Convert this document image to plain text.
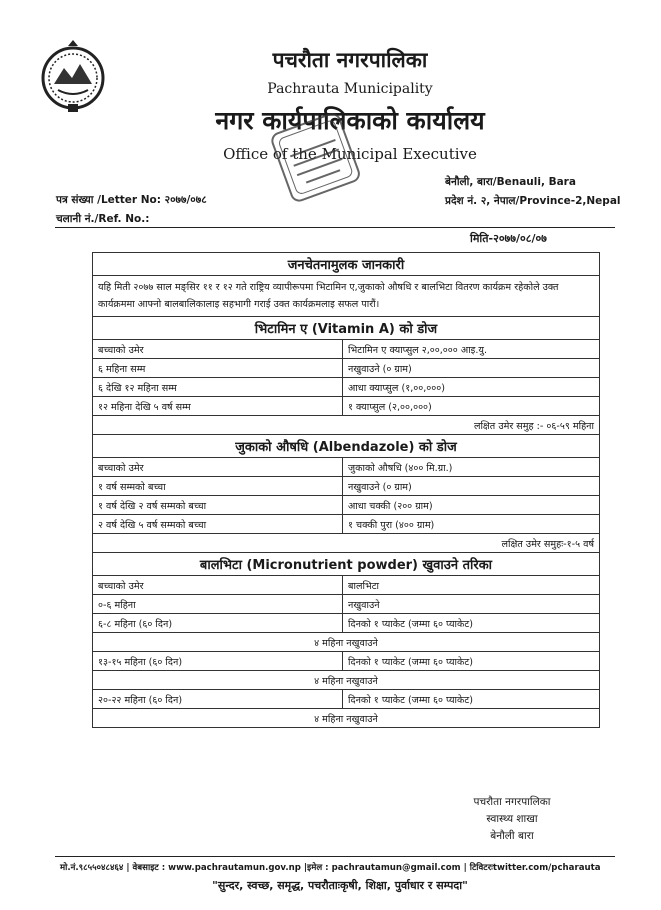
पचरौता नगरपालिका
Pachrauta Municipality
नगर कार्यपालिकाको कार्यालय
Office of the Municipal Executive
पत्र संख्या /Letter No: २०७७/०७८
चलानी नं./Ref. No.:
बेनौली, बारा/Benauli, Bara
प्रदेश नं. २, नेपाल/Province-2,Nepal
मिति-२०७७/०८/०७
जनचेतनामुलक जानकारी	
यहि मिती २०७७ साल मङ्सिर ११ र १२ गते राष्ट्रिय व्यापीरूपमा भिटामिन ए,जुकाको औषधि र बालभिटा वितरण कार्यक्रम रहेकोले उक्त कार्यक्रममा आफ्नो बालबालिकालाइ सहभागी गराई उक्त कार्यक्रमलाइ सफल पारौं।	
भिटामिन ए (Vitamin A) को डोज	
बच्चाको उमेर	भिटामिन ए क्याप्सुल २,००,००० आइ.यु.
६ महिना सम्म	नखुवाउने (० ग्राम)
६ देखि १२ महिना सम्म	आधा क्याप्सुल (१,००,०००)
१२ महिना देखि ५ वर्ष सम्म	१ क्याप्सुल (२,००,०००)
लक्षित उमेर समुह :- ०६-५९ महिना	
जुकाको औषधि (Albendazole) को डोज	
बच्चाको उमेर	जुकाको औषधि (४०० मि.ग्रा.)
१ वर्ष सम्मको बच्चा	नखुवाउने (० ग्राम)
१ वर्ष देखि २ वर्ष सम्मको बच्चा	आधा चक्की (२०० ग्राम)
२ वर्ष देखि ५ वर्ष सम्मको बच्चा	१ चक्की पुरा (४०० ग्राम)
लक्षित उमेर समुहः-१-५ वर्ष	
बालभिटा (Micronutrient powder) खुवाउने तरिका	
बच्चाको उमेर	बालभिटा
०-६ महिना	नखुवाउने
६-८ महिना (६० दिन)	दिनको १ प्याकेट (जम्मा ६० प्याकेट)
४ महिना नखुवाउने	
१३-१५ महिना (६० दिन)	दिनको १ प्याकेट (जम्मा ६० प्याकेट)
४ महिना नखुवाउने	
२०-२२ महिना (६० दिन)	दिनको १ प्याकेट (जम्मा ६० प्याकेट)
४ महिना नखुवाउने	
पचरौता नगरपालिका
स्वास्थ्य शाखा
बेनौली बारा
मो.नं.९८५५०४८४६४ | वेबसाइट : www.pachrautamun.gov.np |इमेल : pachrautamun@gmail.com | टिविटरःtwitter.com/pcharauta
"सुन्दर, स्वच्छ, समृद्ध, पचरौताःकृषी, शिक्षा, पुर्वाधार र सम्पदा"
